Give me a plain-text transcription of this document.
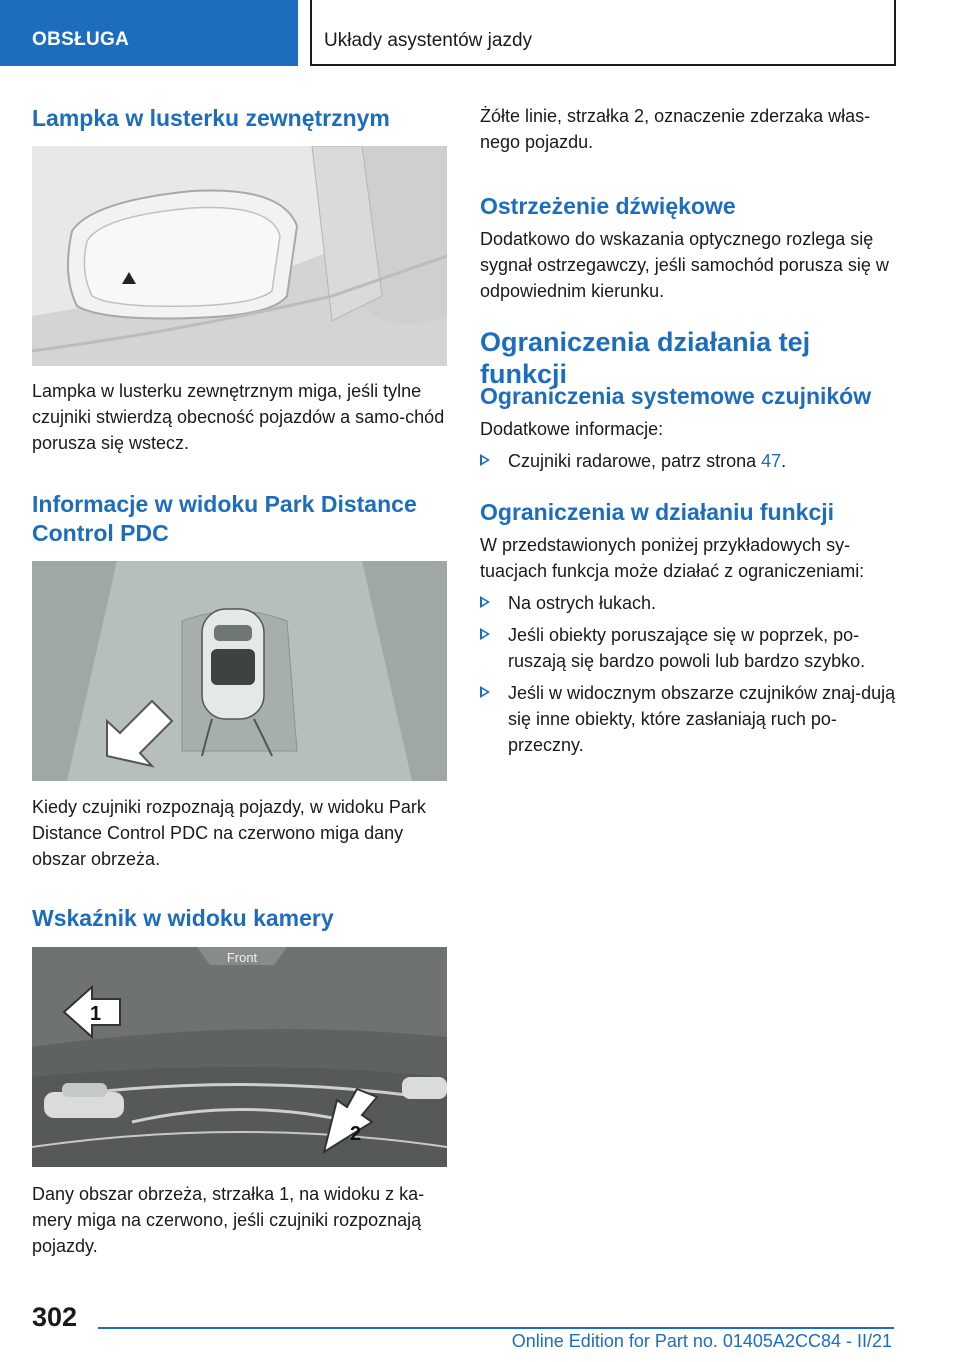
OBSŁUGA	Układy asystentów jazdy
Lampka w lusterku zewnętrznym

Lampka w lusterku zewnętrznym miga, jeśli tylne czujniki stwierdzą obecność pojazdów a samo-chód porusza się wstecz.

Informacje w widoku Park Distance Control PDC

Kiedy czujniki rozpoznają pojazdy, w widoku Park Distance Control PDC na czerwono miga dany obszar obrzeża.

Wskaźnik w widoku kamery
Front
1
2

Dany obszar obrzeża, strzałka 1, na widoku z ka-mery miga na czerwono, jeśli czujniki rozpoznają pojazdy.

Żółte linie, strzałka 2, oznaczenie zderzaka włas-nego pojazdu.

Ostrzeżenie dźwiękowe

Dodatkowo do wskazania optycznego rozlega się sygnał ostrzegawczy, jeśli samochód porusza się w odpowiednim kierunku.

Ograniczenia działania tej funkcji
Ograniczenia systemowe czujników

Dodatkowe informacje:

Czujniki radarowe, patrz strona 47.
Ograniczenia w działaniu funkcji

W przedstawionych poniżej przykładowych sy-tuacjach funkcja może działać z ograniczeniami:

Na ostrych łukach.
Jeśli obiekty poruszające się w poprzek, po-ruszają się bardzo powoli lub bardzo szybko.
Jeśli w widocznym obszarze czujników znaj-dują się inne obiekty, które zasłaniają ruch po-przeczny.
302
Online Edition for Part no. 01405A2CC84 - II/21
